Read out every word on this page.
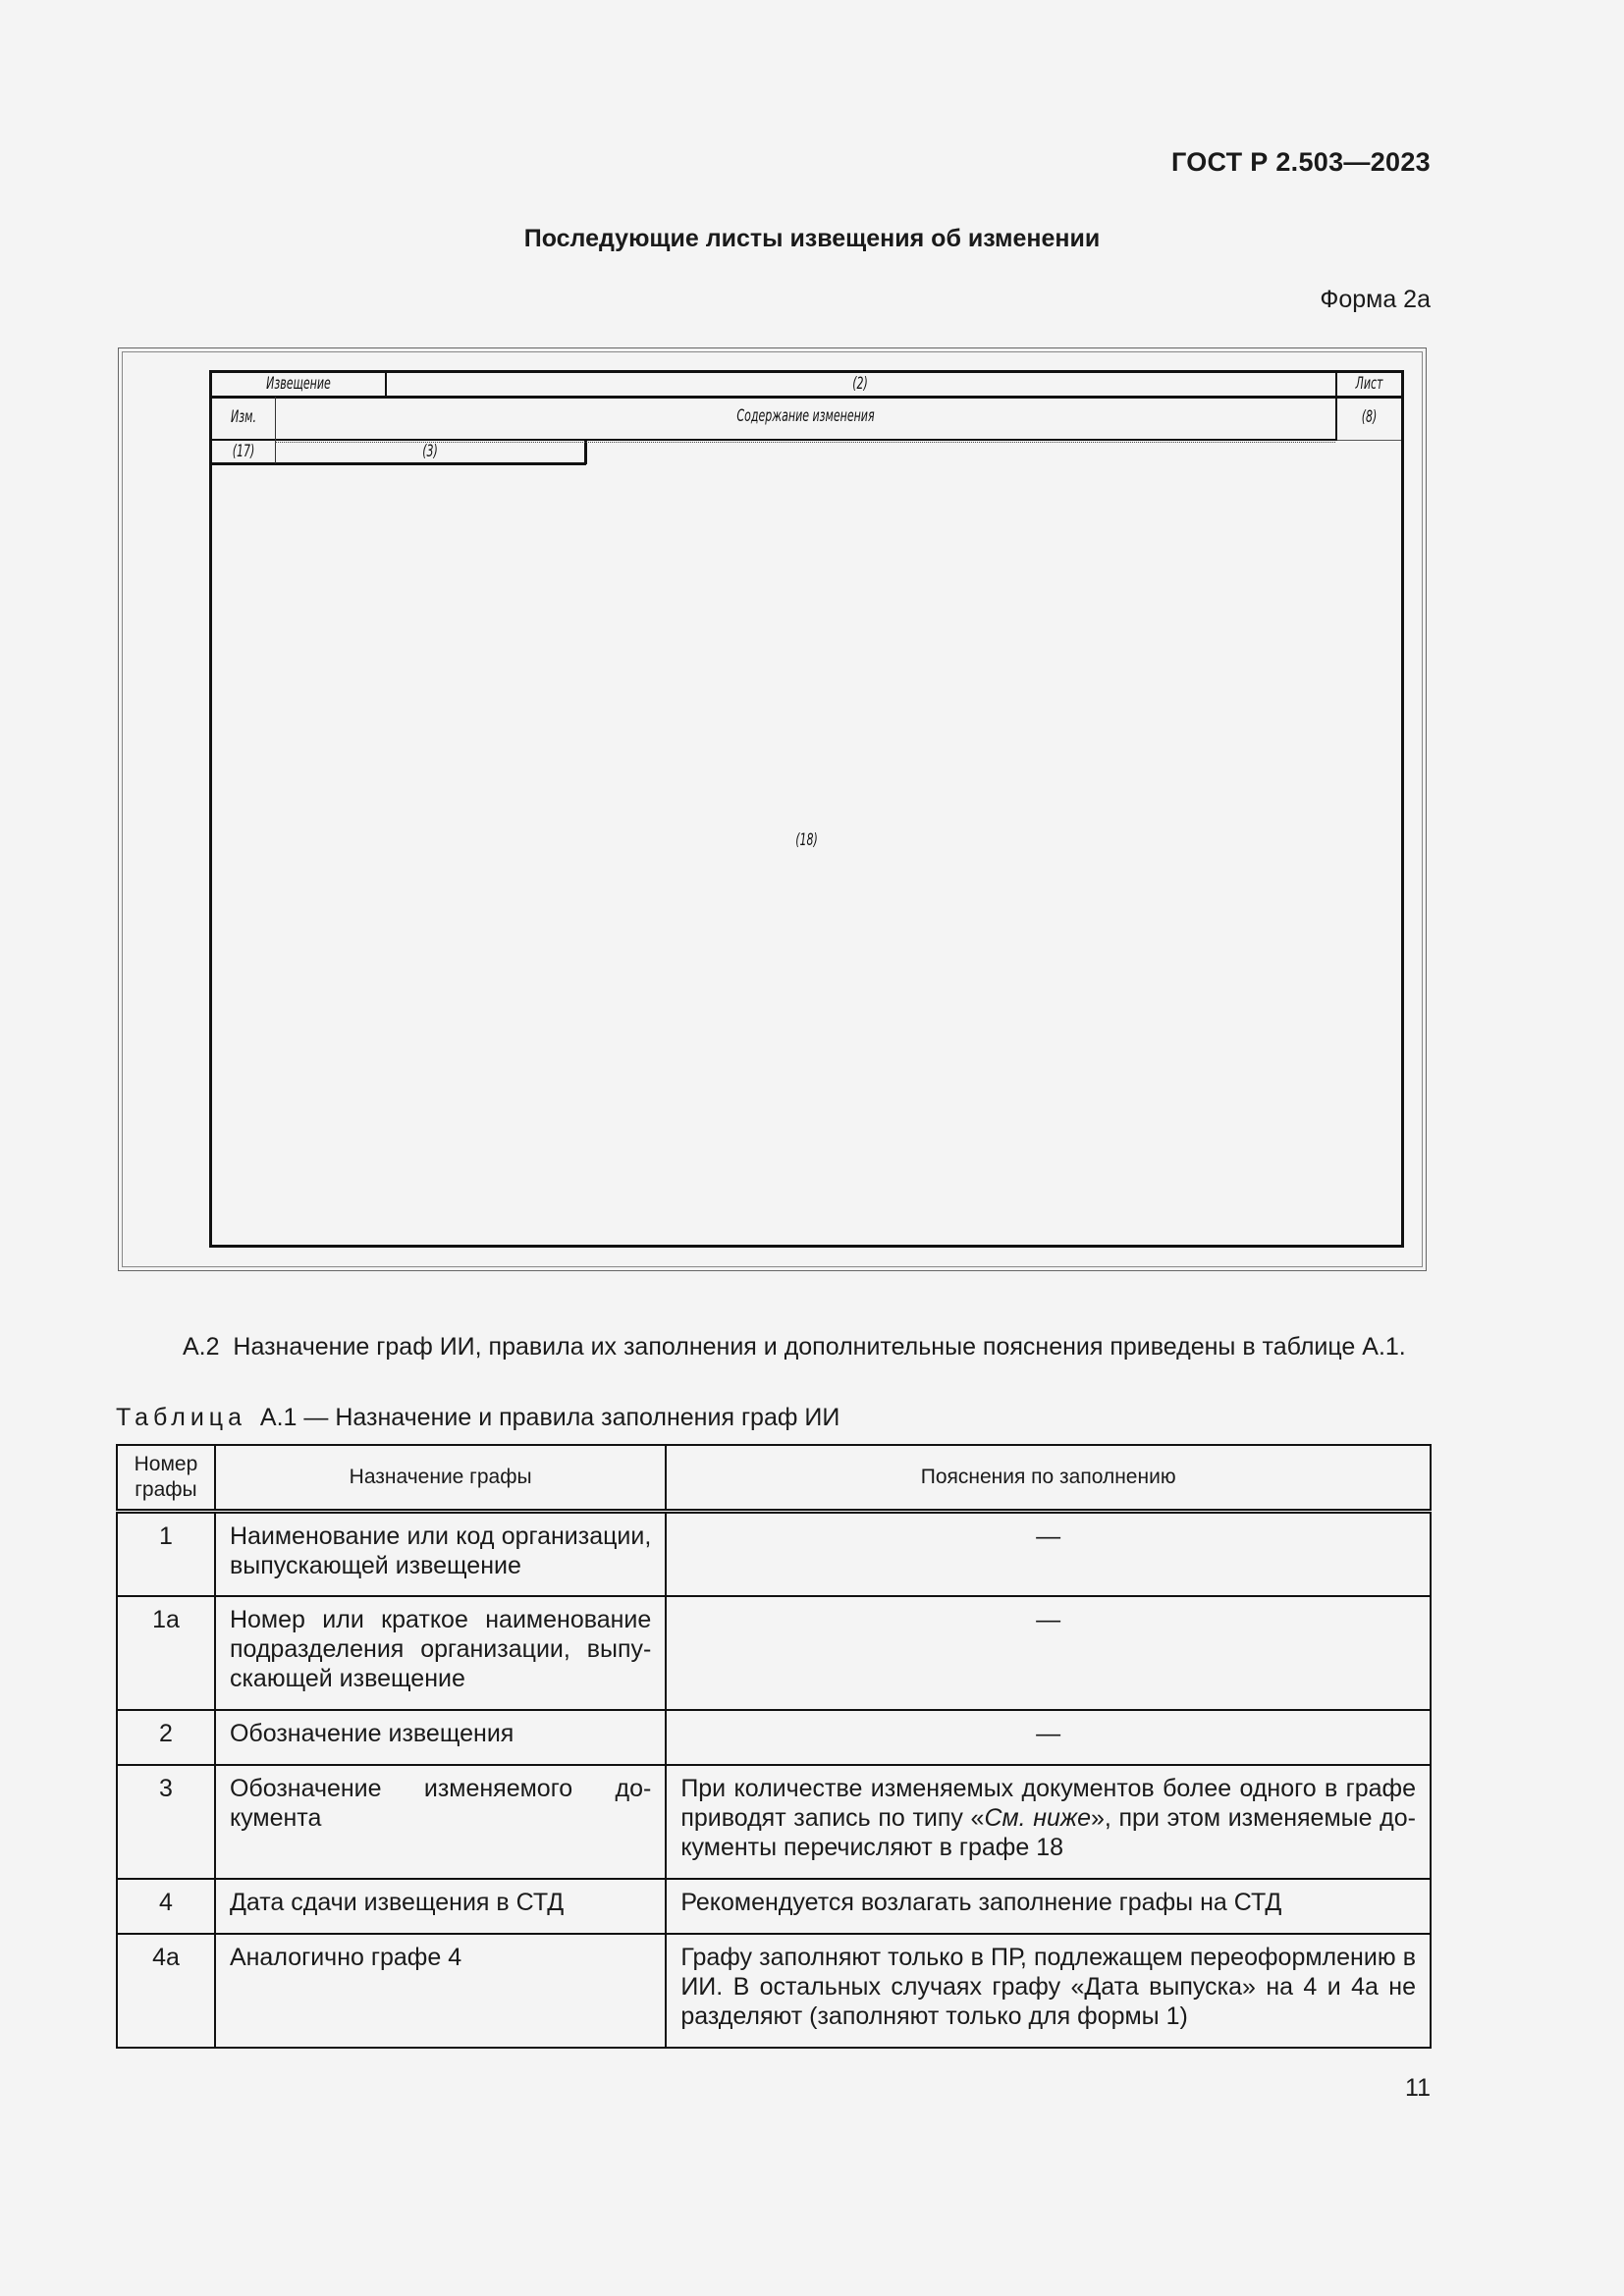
ГОСТ Р 2.503—2023
Последующие листы извещения об изменении
Форма 2а
Извещение	(2)	Лист
Изм.	Содержание изменения	(8)
(17)	(3)
(18)
А.2  Назначение граф ИИ, правила их заполнения и дополнительные пояснения приведены в таблице А.1.
Таблица  А.1 — Назначение и правила заполнения граф ИИ
Номер графы	Назначение графы	Пояснения по заполнению
1	Наименование или код организации, выпускающей извещение	—
1а	Номер или краткое наименование подразделения организации, выпу-скающей извещение	—
2	Обозначение извещения	—
3	Обозначение изменяемого до-кумента	При количестве изменяемых документов более одного в графе приводят запись по типу «См. ниже», при этом изменяемые до-кументы перечисляют в графе 18
4	Дата сдачи извещения в СТД	Рекомендуется возлагать заполнение графы на СТД
4а	Аналогично графе 4	Графу заполняют только в ПР, подлежащем переоформлению в ИИ. В остальных случаях графу «Дата выпуска» на 4 и 4а не разделяют (заполняют только для формы 1)
11
